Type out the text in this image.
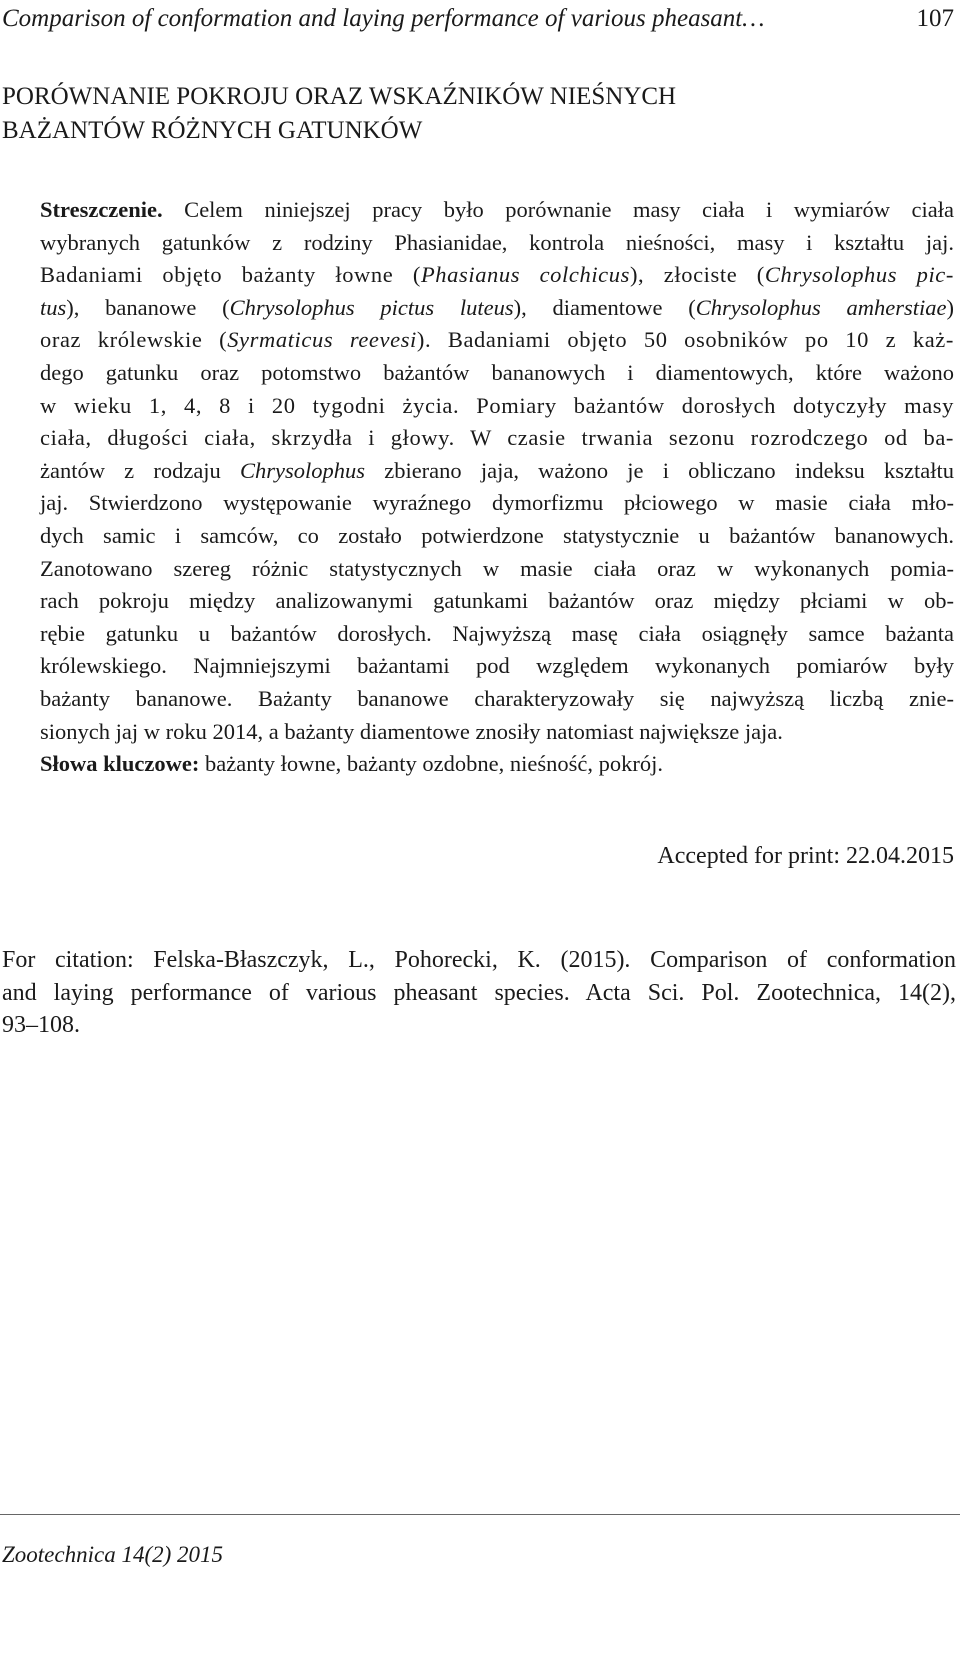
Comparison of conformation and laying performance of various pheasant…	107
PORÓWNANIE POKROJU ORAZ WSKAŹNIKÓW NIEŚNYCH
BAŻANTÓW RÓŻNYCH GATUNKÓW
Streszczenie. Celem niniejszej pracy było porównanie masy ciała i wymiarów ciała
wybranych gatunków z rodziny Phasianidae, kontrola nieśności, masy i kształtu jaj.
Badaniami objęto bażanty łowne (Phasianus colchicus), złociste (Chrysolophus pic-
tus), bananowe (Chrysolophus pictus luteus), diamentowe (Chrysolophus amherstiae)
oraz królewskie (Syrmaticus reevesi). Badaniami objęto 50 osobników po 10 z każ-
dego gatunku oraz potomstwo bażantów bananowych i diamentowych, które ważono
w wieku 1, 4, 8 i 20 tygodni życia. Pomiary bażantów dorosłych dotyczyły masy
ciała, długości ciała, skrzydła i głowy. W czasie trwania sezonu rozrodczego od ba-
żantów z rodzaju Chrysolophus zbierano jaja, ważono je i obliczano indeksu kształtu
jaj. Stwierdzono występowanie wyraźnego dymorfizmu płciowego w masie ciała mło-
dych samic i samców, co zostało potwierdzone statystycznie u bażantów bananowych.
Zanotowano szereg różnic statystycznych w masie ciała oraz w wykonanych pomia-
rach pokroju między analizowanymi gatunkami bażantów oraz między płciami w ob-
rębie gatunku u bażantów dorosłych. Najwyższą masę ciała osiągnęły samce bażanta
królewskiego. Najmniejszymi bażantami pod względem wykonanych pomiarów były
bażanty bananowe. Bażanty bananowe charakteryzowały się najwyższą liczbą znie-
sionych jaj w roku 2014, a bażanty diamentowe znosiły natomiast największe jaja.
Słowa kluczowe: bażanty łowne, bażanty ozdobne, nieśność, pokrój.
Accepted for print: 22.04.2015
For citation: Felska-Błaszczyk, L., Pohorecki, K. (2015). Comparison of conformation
and laying performance of various pheasant species. Acta Sci. Pol. Zootechnica, 14(2),
93–108.
Zootechnica 14(2) 2015
